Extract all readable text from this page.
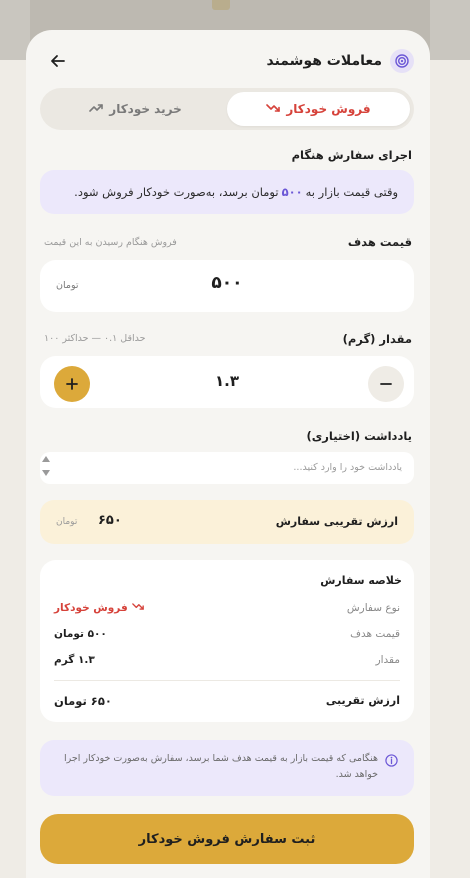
معاملات هوشمند
فروش خودکار
خرید خودکار
اجرای سفارش هنگام
وقتی قیمت بازار به
۵۰۰
تومان برسد، به‌صورت خودکار فروش شود.
قیمت هدف
فروش هنگام رسیدن به این قیمت
۵۰۰
تومان
مقدار (گرم)
حداقل ۰.۱ — حداکثر ۱۰۰
۱.۳
یادداشت (اختیاری)
یادداشت خود را وارد کنید...
ارزش تقریبی سفارش
۶۵۰
تومان
خلاصه سفارش
نوع سفارش
فروش خودکار
قیمت هدف
۵۰۰ تومان
مقدار
۱.۳ گرم
ارزش تقریبی
۶۵۰ تومان
هنگامی که قیمت بازار به قیمت هدف شما برسد، سفارش به‌صورت خودکار اجرا خواهد شد.
ثبت سفارش فروش خودکار
